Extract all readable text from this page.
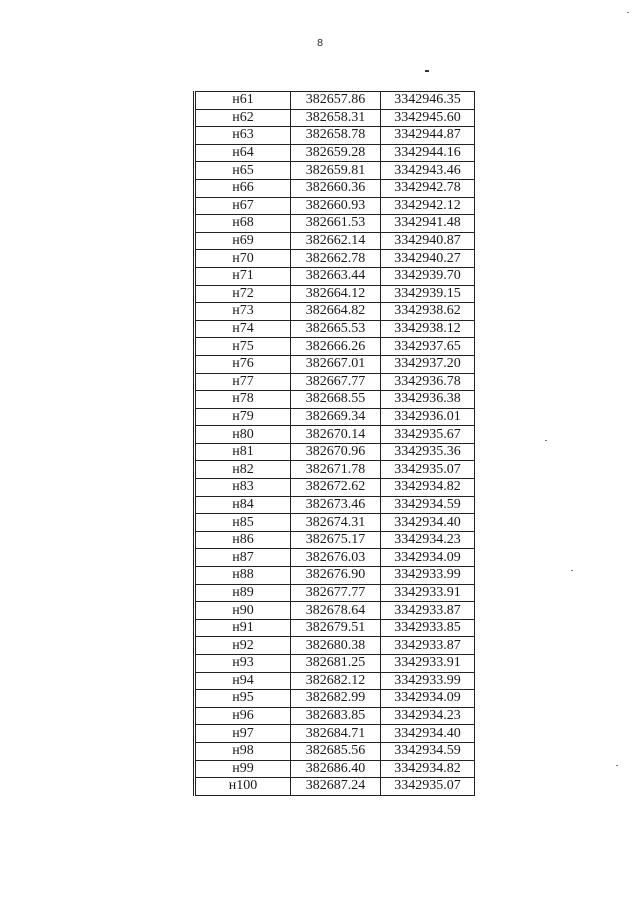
8
н61	382657.86	3342946.35
н62	382658.31	3342945.60
н63	382658.78	3342944.87
н64	382659.28	3342944.16
н65	382659.81	3342943.46
н66	382660.36	3342942.78
н67	382660.93	3342942.12
н68	382661.53	3342941.48
н69	382662.14	3342940.87
н70	382662.78	3342940.27
н71	382663.44	3342939.70
н72	382664.12	3342939.15
н73	382664.82	3342938.62
н74	382665.53	3342938.12
н75	382666.26	3342937.65
н76	382667.01	3342937.20
н77	382667.77	3342936.78
н78	382668.55	3342936.38
н79	382669.34	3342936.01
н80	382670.14	3342935.67
н81	382670.96	3342935.36
н82	382671.78	3342935.07
н83	382672.62	3342934.82
н84	382673.46	3342934.59
н85	382674.31	3342934.40
н86	382675.17	3342934.23
н87	382676.03	3342934.09
н88	382676.90	3342933.99
н89	382677.77	3342933.91
н90	382678.64	3342933.87
н91	382679.51	3342933.85
н92	382680.38	3342933.87
н93	382681.25	3342933.91
н94	382682.12	3342933.99
н95	382682.99	3342934.09
н96	382683.85	3342934.23
н97	382684.71	3342934.40
н98	382685.56	3342934.59
н99	382686.40	3342934.82
н100	382687.24	3342935.07
